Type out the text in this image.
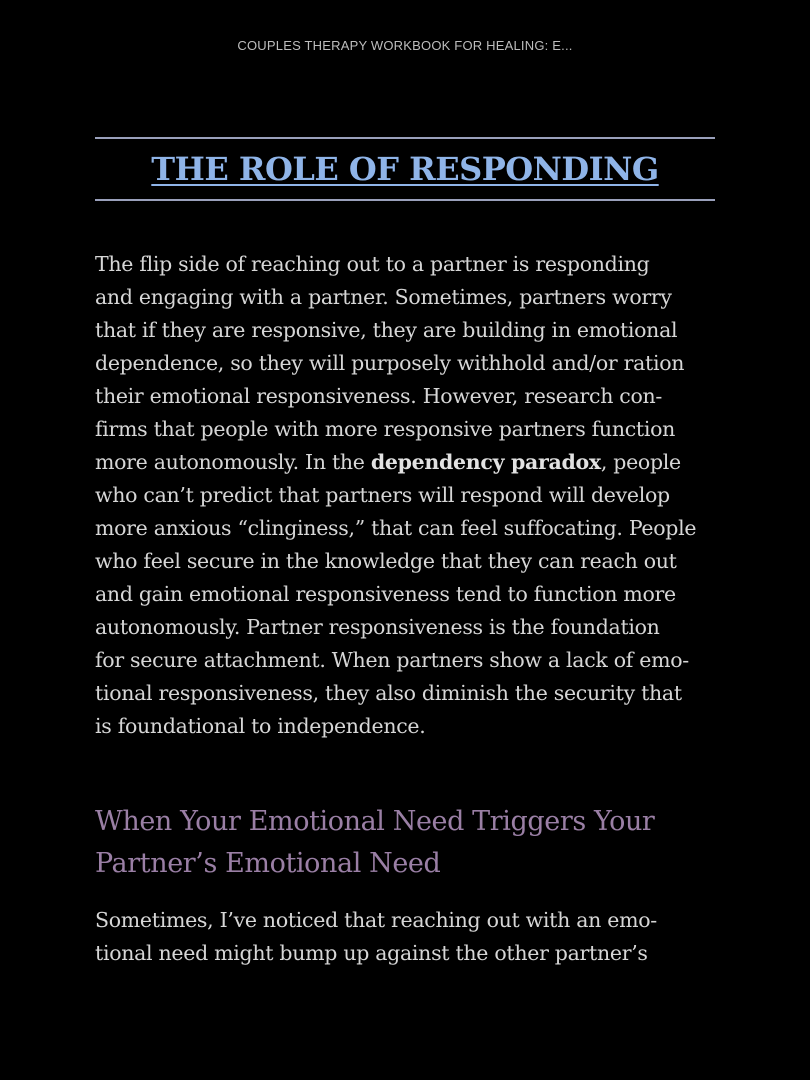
COUPLES THERAPY WORKBOOK FOR HEALING: E...
THE ROLE OF RESPONDING

The flip side of reaching out to a partner is responding
and engaging with a partner. Sometimes, partners worry
that if they are responsive, they are building in emotional
dependence, so they will purposely withhold and/or ration
their emotional responsiveness. However, research con-
firms that people with more responsive partners function
more autonomously. In the dependency paradox, people
who can’t predict that partners will respond will develop
more anxious “clinginess,” that can feel suffocating. People
who feel secure in the knowledge that they can reach out
and gain emotional responsiveness tend to function more
autonomously. Partner responsiveness is the foundation
for secure attachment. When partners show a lack of emo-
tional responsiveness, they also diminish the security that
is foundational to independence.

When Your Emotional Need Triggers Your
Partner’s Emotional Need

Sometimes, I’ve noticed that reaching out with an emo-
tional need might bump up against the other partner’s
